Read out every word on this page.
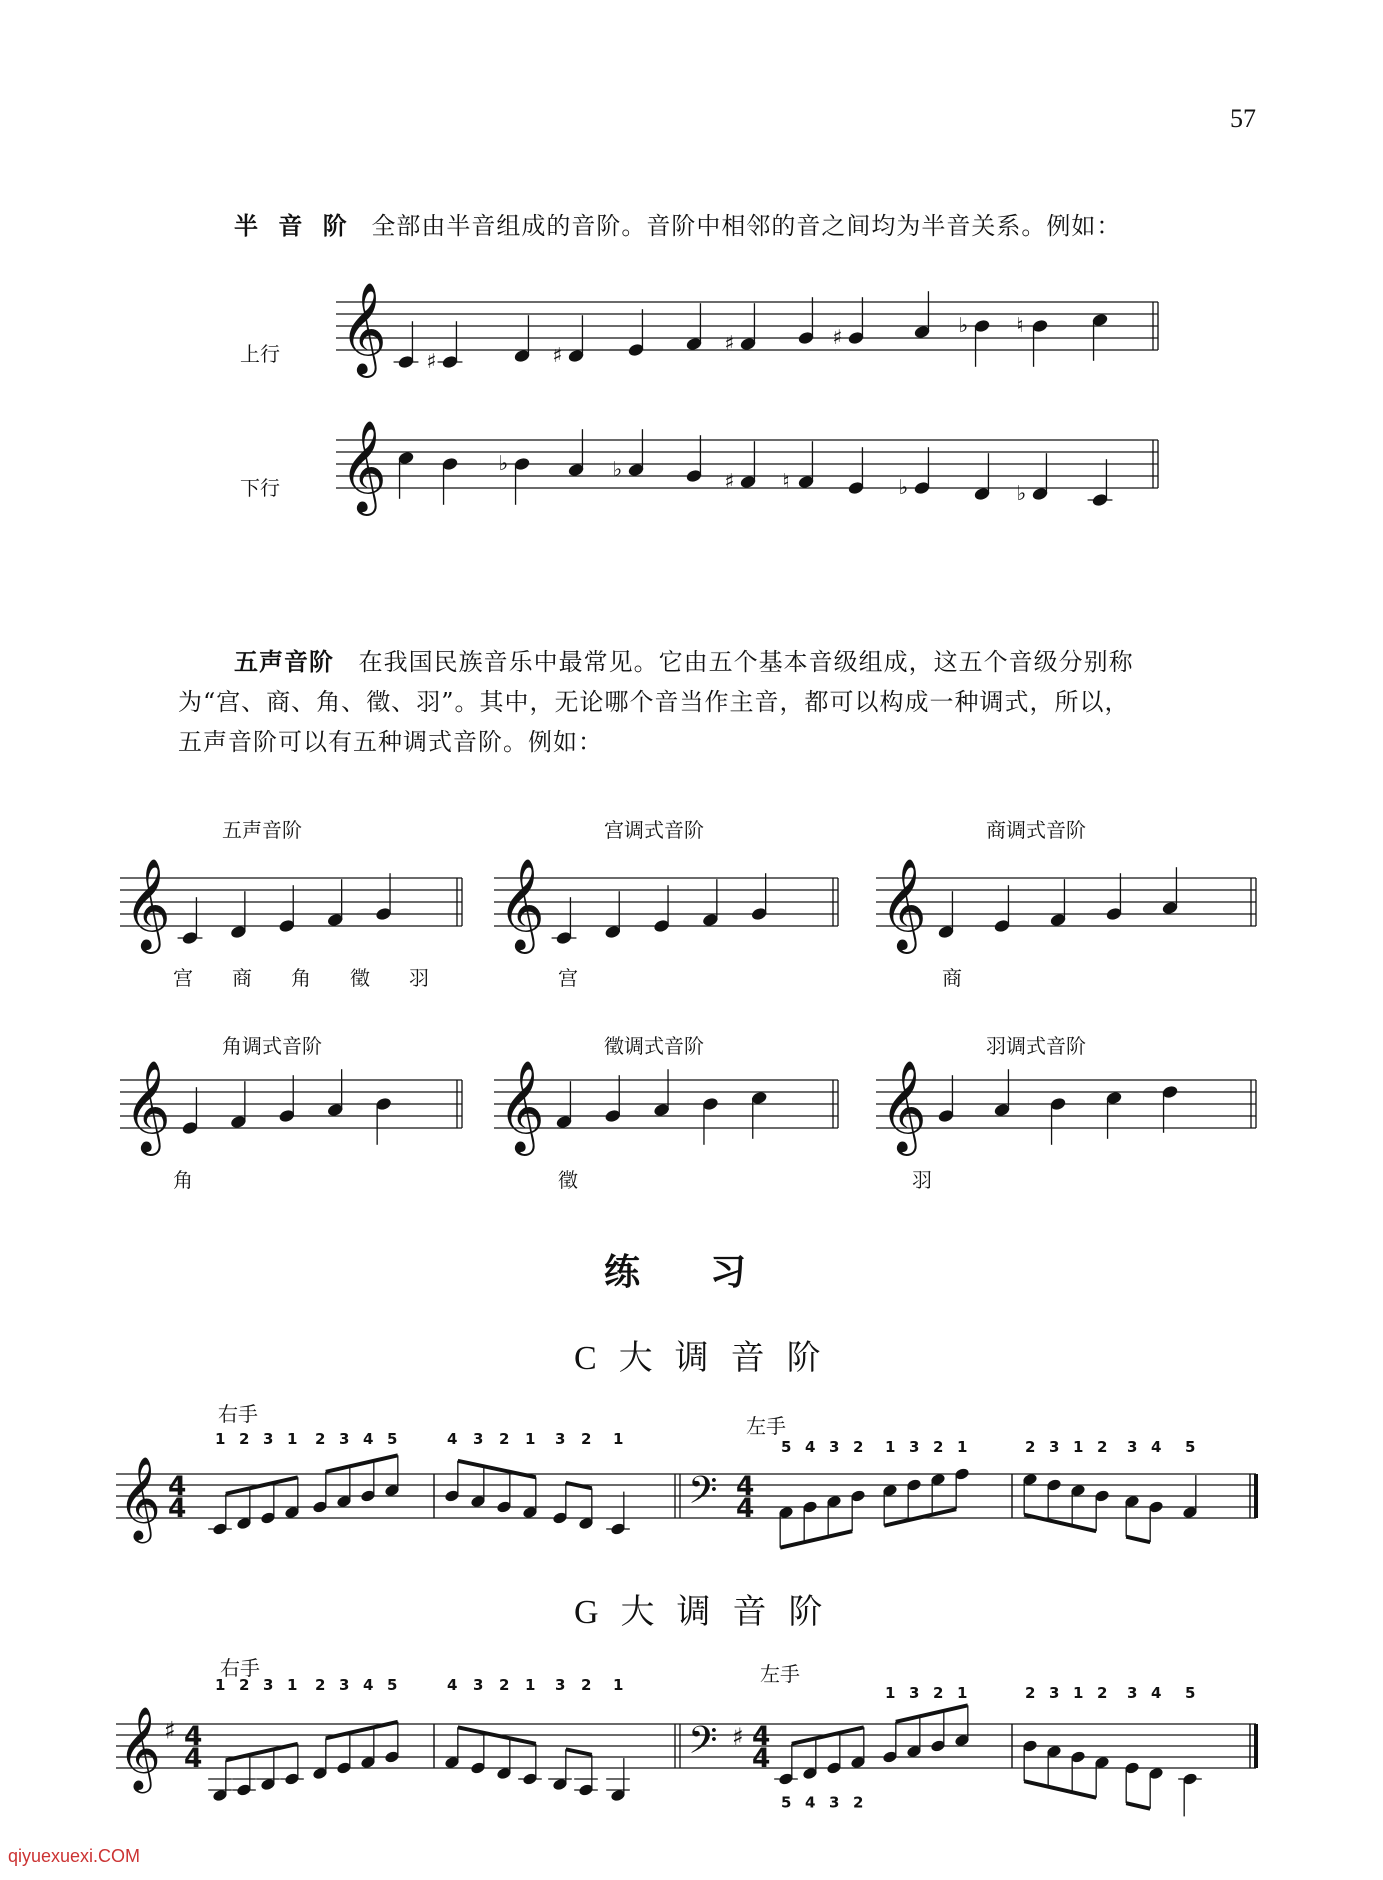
57
半 音 阶 全部由半音组成的音阶。音阶中相邻的音之间均为半音关系。例如：
上行
下行
五声音阶 在我国民族音乐中最常见。它由五个基本音级组成，这五个音级分别称
为“宫、商、角、徵、羽”。其中，无论哪个音当作主音，都可以构成一种调式，所以，
五声音阶可以有五种调式音阶。例如：
五声音阶	宫调式音阶	商调式音阶
角调式音阶	徵调式音阶	羽调式音阶
宫 商 角 徵 羽	宫	商
角	徵	羽
练习
C大调音阶
右手	左手
G大调音阶
右手	左手
qiyuexuexi.COM
𝄞 ♯	♯	♯	♯	♭ ♮
𝄞	♭	♭	♯ ♮	♭	♭
𝄞	𝄞	𝄞
𝄞	𝄞	𝄞
𝄞 4
4	𝄢 4
4
1 2 3 1 2 3 4 5	4 3 2 1 3 2 1	5 4 3 2 1 3 2 1	2 3 1 2 3 4 5
𝄞 ♯ 4
4	𝄢 ♯ 4
4
1 2 3 1 2 3 4 5	4 3 2 1 3 2 1
5 4 3 2
1 3 2 1	2 3 1 2 3 4 5
